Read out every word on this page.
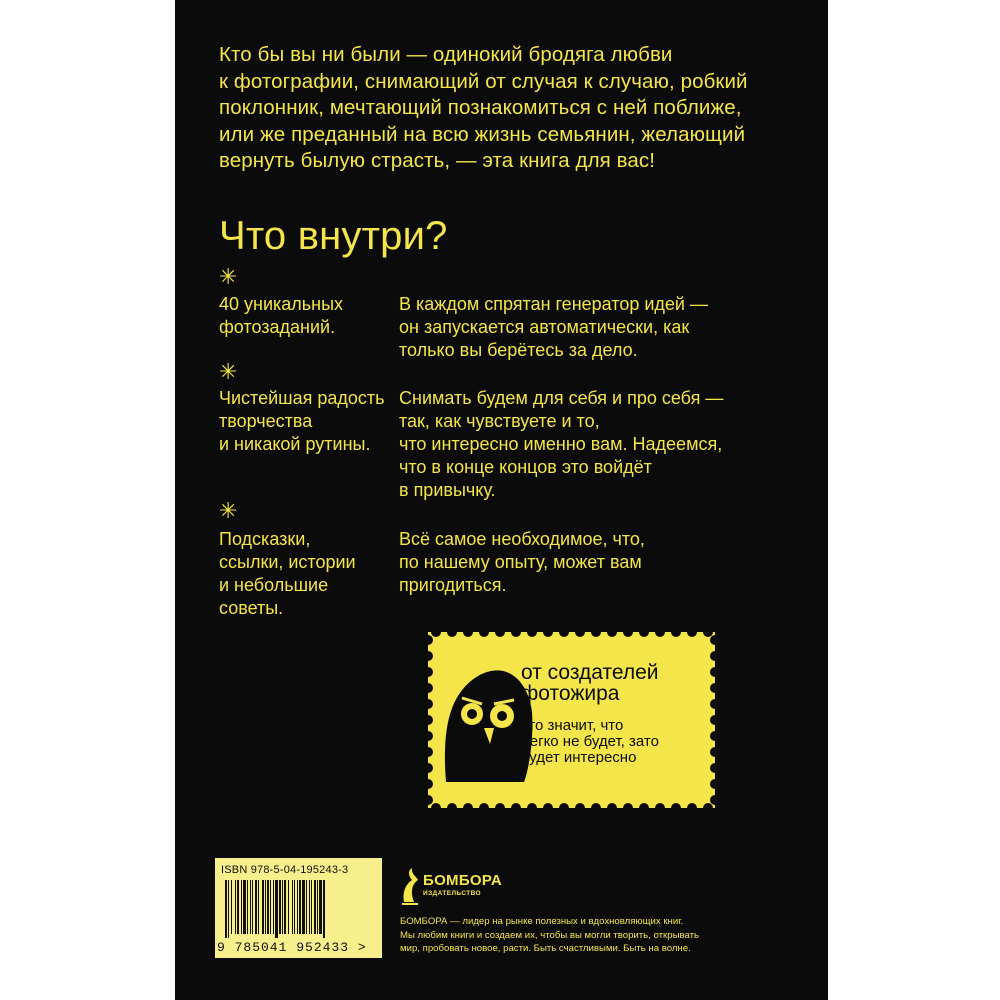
Кто бы вы ни были — одинокий бродяга любви
к фотографии, снимающий от случая к случаю, робкий
поклонник, мечтающий познакомиться с ней поближе,
или же преданный на всю жизнь семьянин, желающий
вернуть былую страсть, — эта книга для вас!
Что внутри?
✳
40 уникальных
фотозаданий.
В каждом спрятан генератор идей —
он запускается автоматически, как
только вы берётесь за дело.
✳
Чистейшая радость
творчества
и никакой рутины.
Снимать будем для себя и про себя —
так, как чувствуете и то,
что интересно именно вам. Надеемся,
что в конце концов это войдёт
в привычку.
✳
Подсказки,
ссылки, истории
и небольшие
советы.
Всё самое необходимое, что,
по нашему опыту, может вам
пригодиться.
от создателей
фотожира
это значит, что
легко не будет, зато
будет интересно
ISBN 978-5-04-195243-3
9 785041 952433 >
БОМБОРА
ИЗДАТЕЛЬСТВО
БОМБОРА — лидер на рынке полезных и вдохновляющих книг.
Мы любим книги и создаем их, чтобы вы могли творить, открывать
мир, пробовать новое, расти. Быть счастливыми. Быть на волне.
